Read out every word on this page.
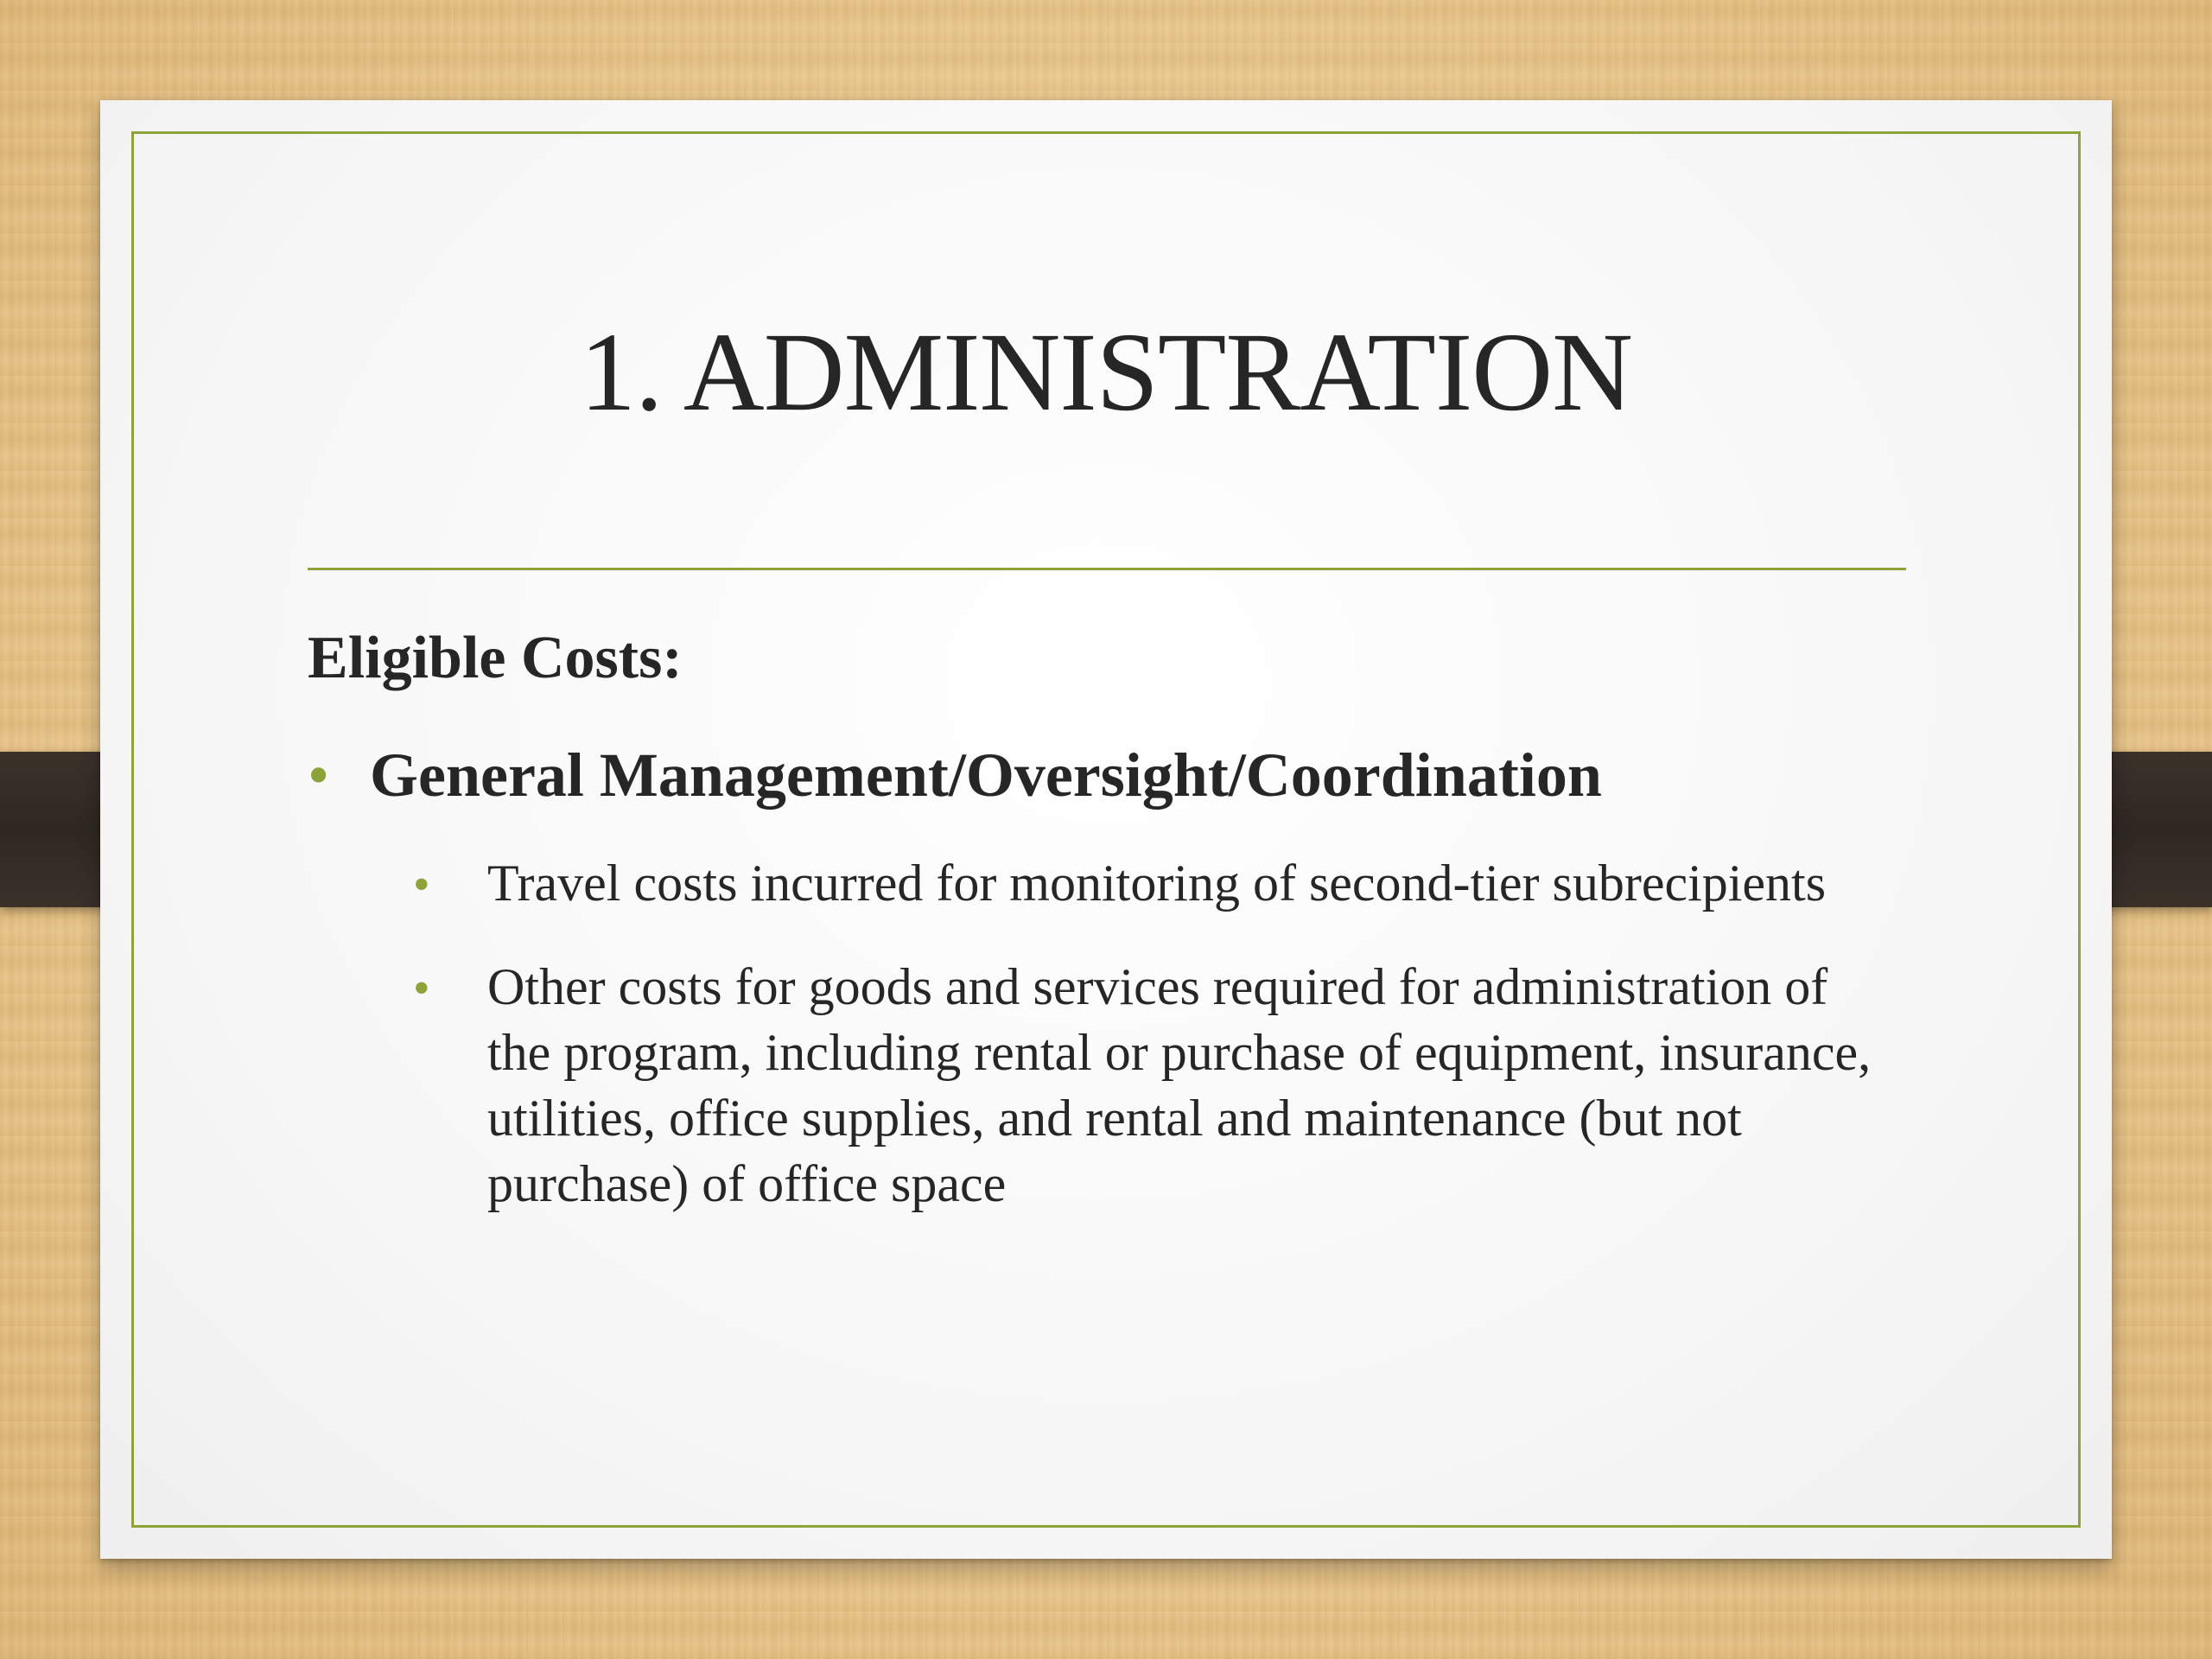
1. ADMINISTRATION
Eligible Costs:
• General Management/Oversight/Coordination
•	Travel costs incurred for monitoring of second-tier subrecipients
•	Other costs for goods and services required for administration of the program, including rental or purchase of equipment, insurance, utilities, office supplies, and rental and maintenance (but not purchase) of office space
